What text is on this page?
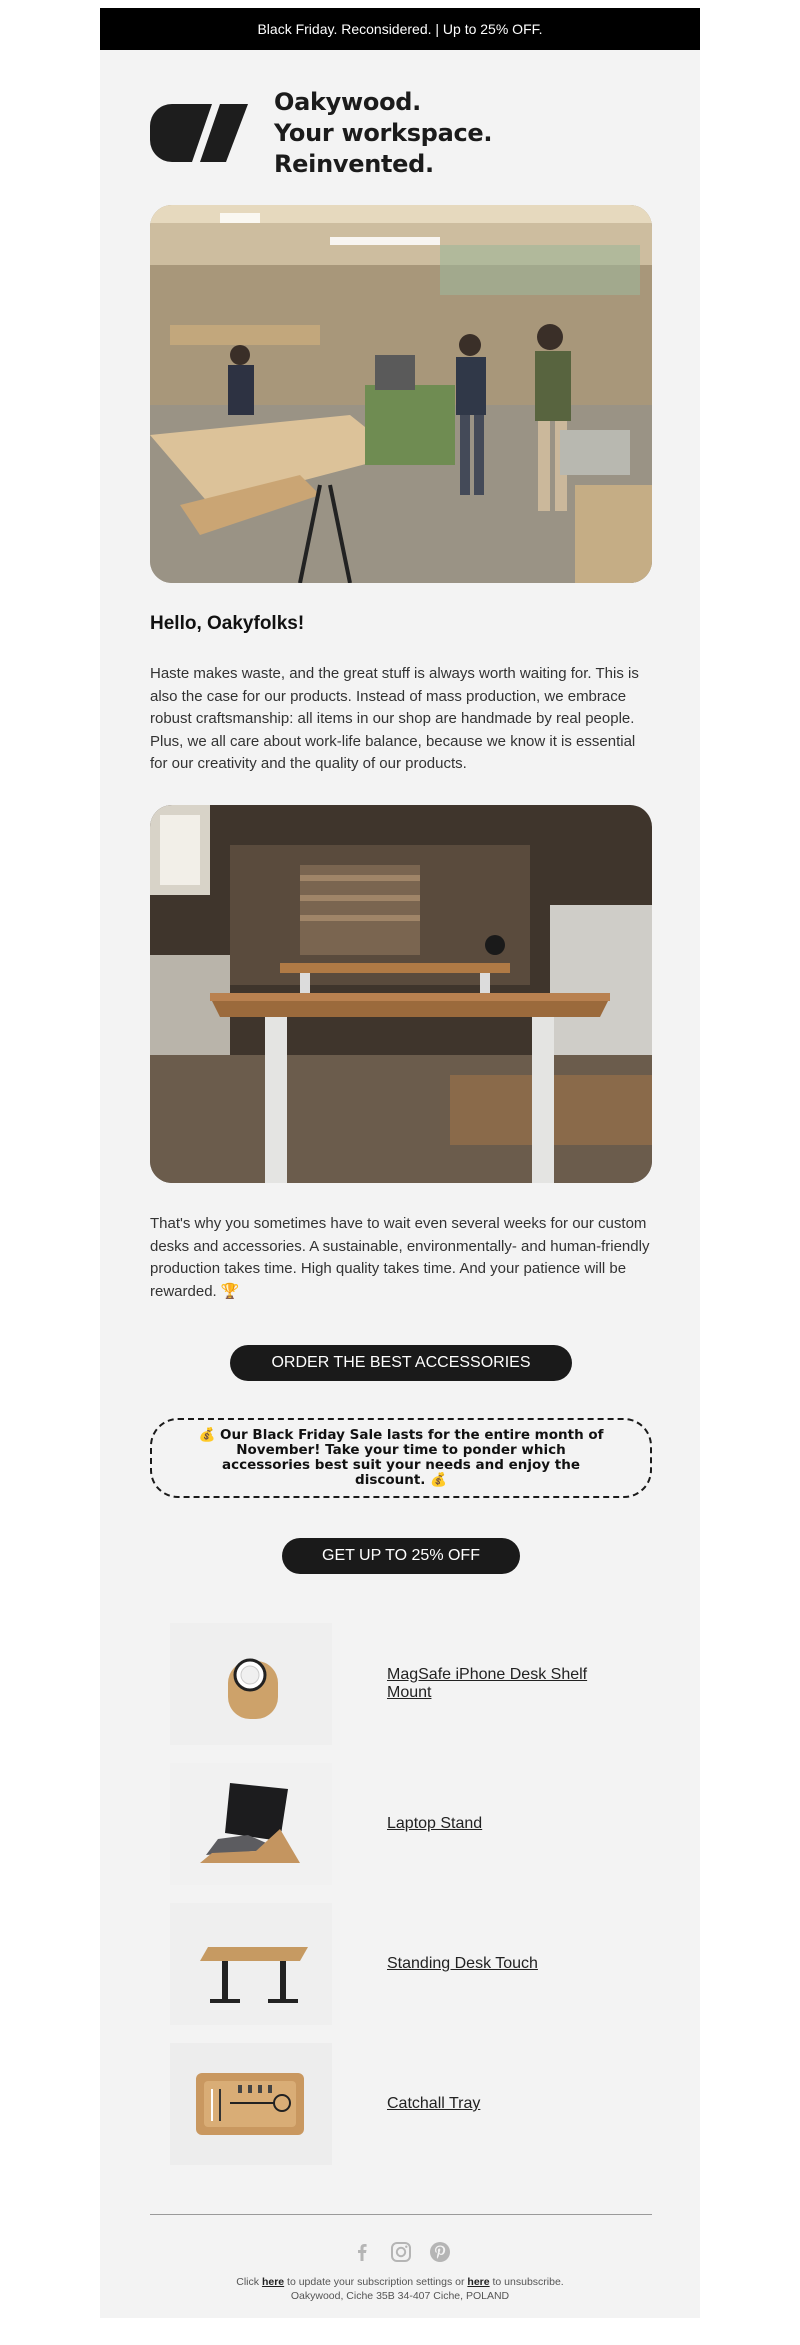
Black Friday. Reconsidered. | Up to 25% OFF.
Oakywood.
Your workspace. Reinvented.
Hello, Oakyfolks!
Haste makes waste, and the great stuff is always worth waiting for. This is also the case for our products. Instead of mass production, we embrace robust craftsmanship: all items in our shop are handmade by real people. Plus, we all care about work-life balance, because we know it is essential for our creativity and the quality of our products.
That's why you sometimes have to wait even several weeks for our custom desks and accessories. A sustainable, environmentally- and human-friendly production takes time. High quality takes time. And your patience will be rewarded. 🏆
ORDER THE BEST ACCESSORIES
💰 Our Black Friday Sale lasts for the entire month of November! Take your time to ponder which accessories best suit your needs and enjoy the discount. 💰
GET UP TO 25% OFF
MagSafe iPhone Desk Shelf Mount
Laptop Stand
Standing Desk Touch
Catchall Tray
Click here to update your subscription settings or here to unsubscribe.
Oakywood, Ciche 35B 34-407 Ciche, POLAND
